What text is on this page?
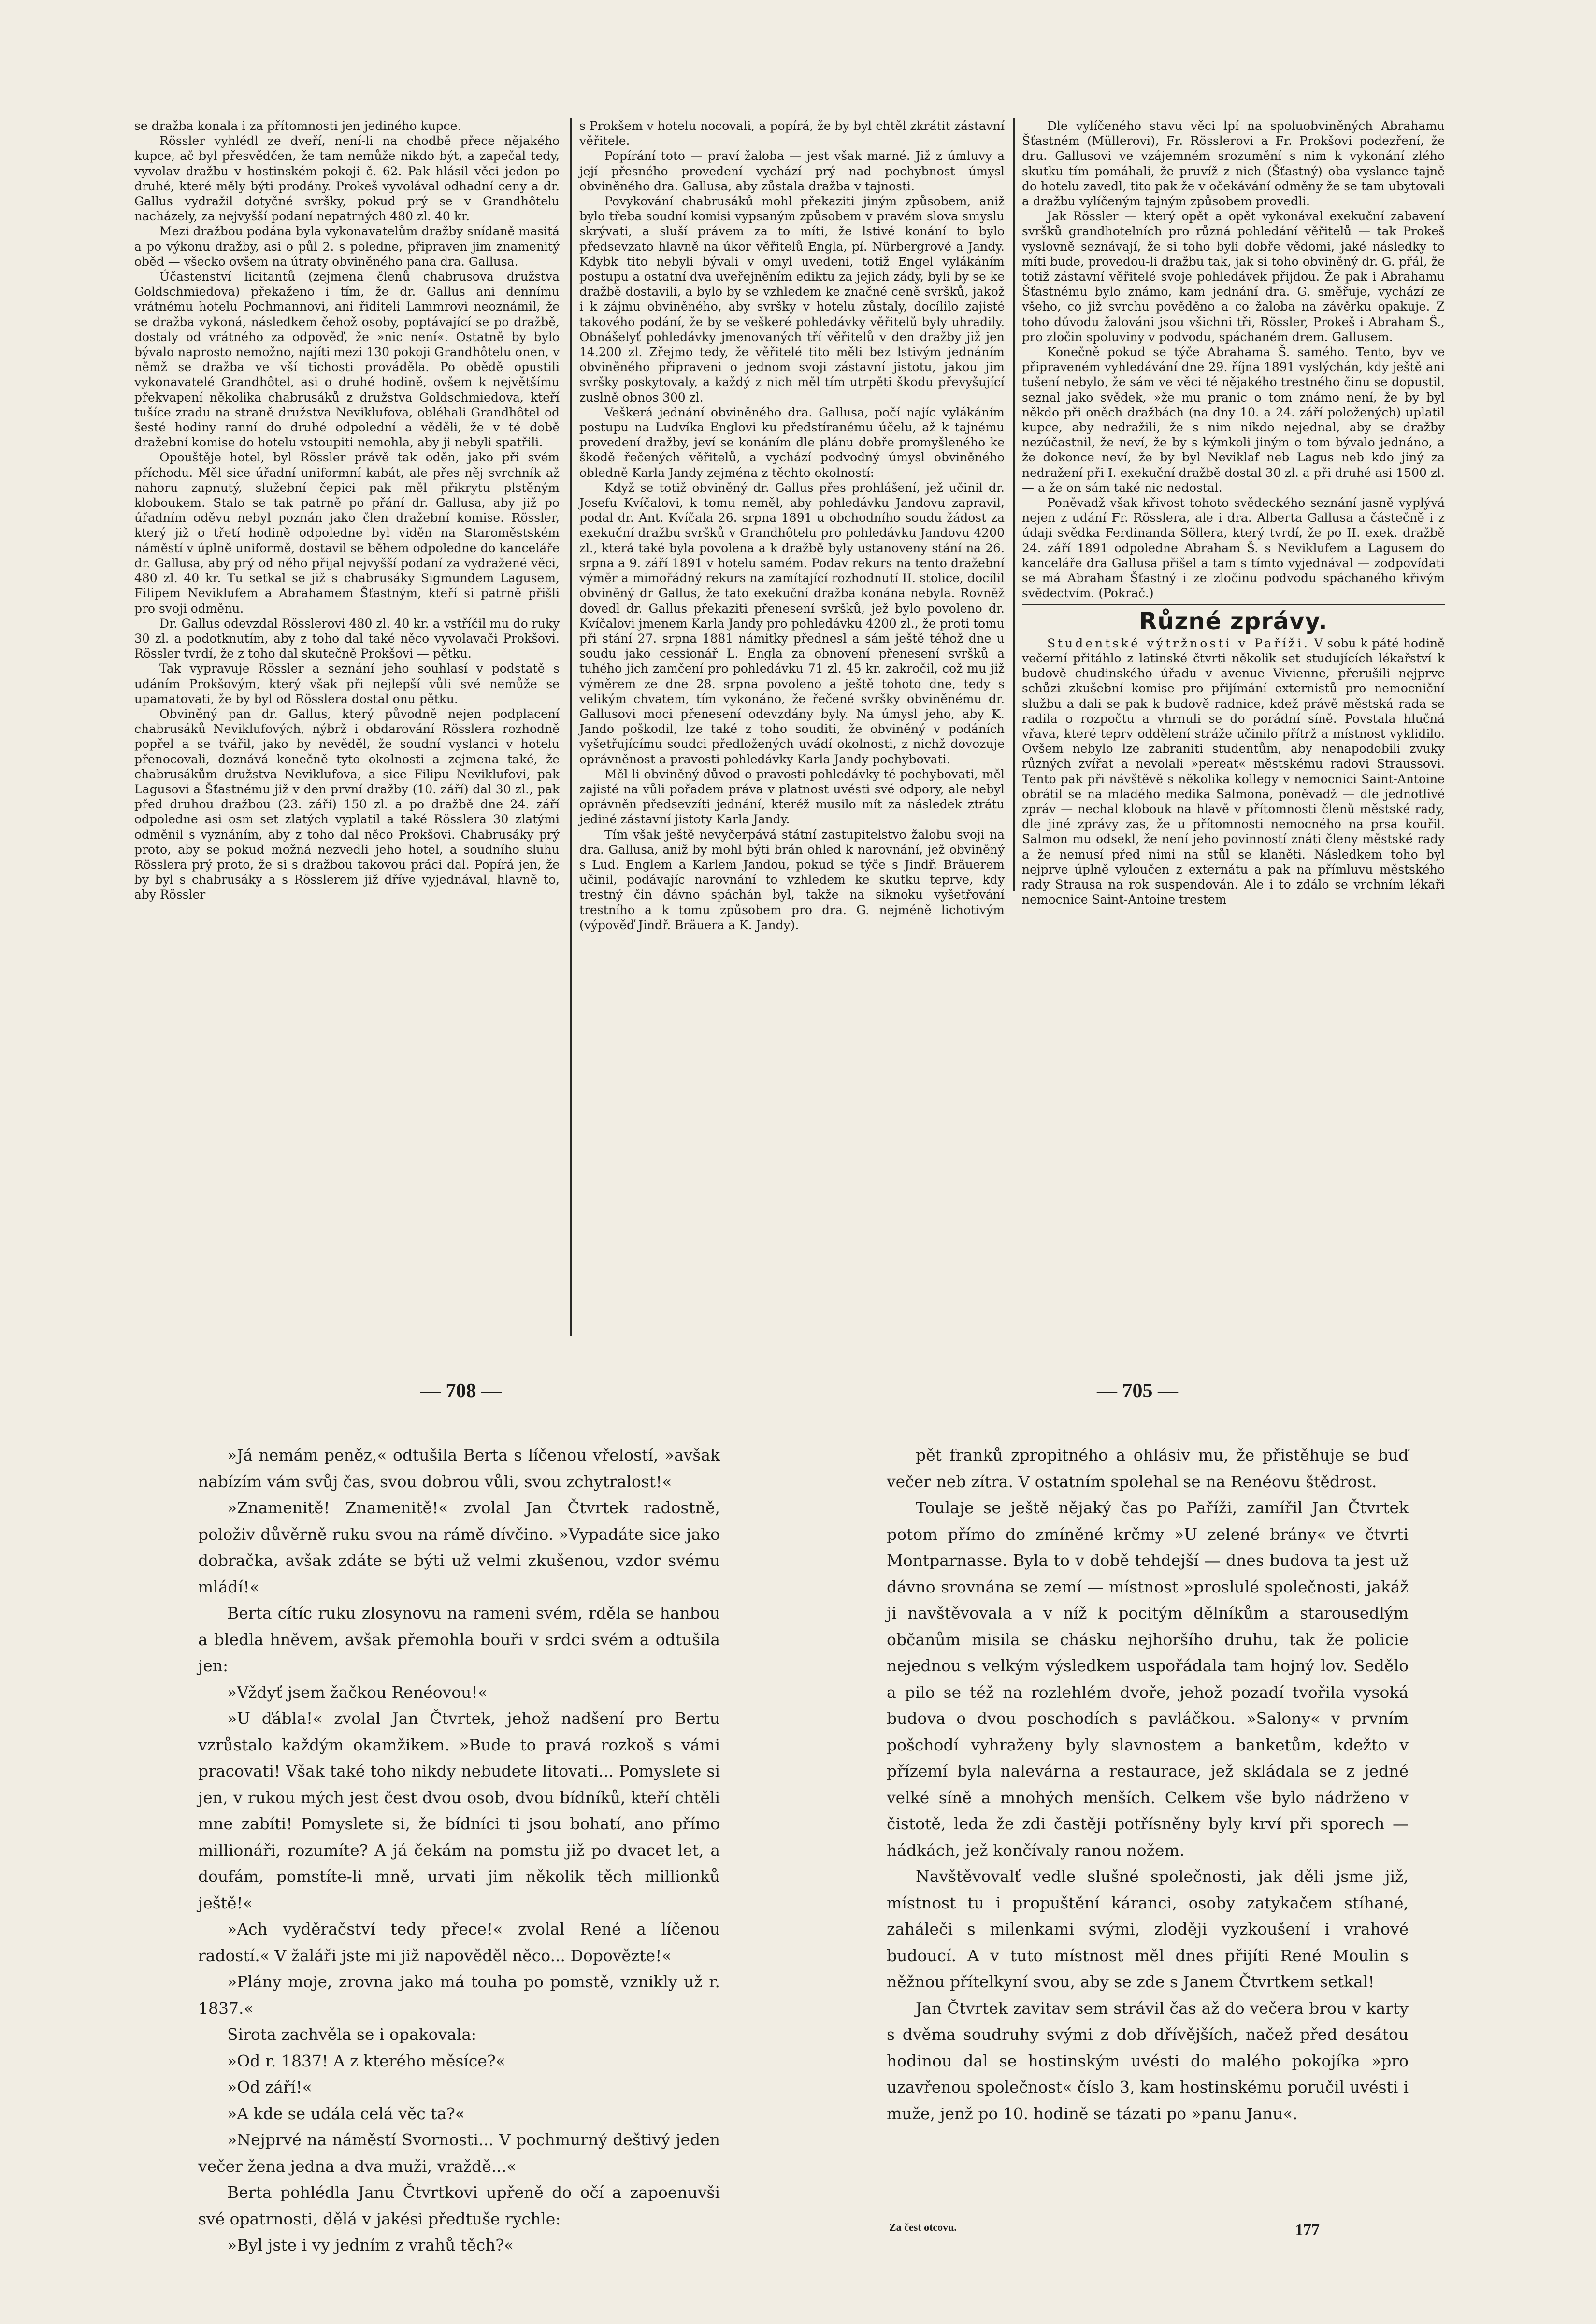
se dražba konala i za přítomnosti jen jediného kupce.

Rössler vyhlédl ze dveří, není-li na chodbě přece nějakého kupce, ač byl přesvědčen, že tam nemůže nikdo být, a zapečal tedy, vyvolav dražbu v hostinském pokoji č. 62. Pak hlásil věci jedon po druhé, které měly býti prodány. Prokeš vyvolával odhadní ceny a dr. Gallus vydražil dotyčné svršky, pokud prý se v Grandhôtelu nacházely, za nejvyšší podaní nepatrných 480 zl. 40 kr.

Mezi dražbou podána byla vykonavatelům dražby snídaně masitá a po výkonu dražby, asi o půl 2. s poledne, připraven jim znamenitý oběd — všecko ovšem na útraty obviněného pana dra. Gallusa.

Účastenství licitantů (zejmena členů chabrusova družstva Goldschmiedova) překaženo i tím, že dr. Gallus ani dennímu vrátnému hotelu Pochmannovi, ani řiditeli Lammrovi neoznámil, že se dražba vykoná, následkem čehož osoby, poptávající se po dražbě, dostaly od vrátného za odpověď, že »nic není«. Ostatně by bylo bývalo naprosto nemožno, najíti mezi 130 pokoji Grandhôtelu onen, v němž se dražba ve vší tichosti prováděla. Po obědě opustili vykonavatelé Grandhôtel, asi o druhé hodině, ovšem k největšímu překvapení několika chabrusáků z družstva Goldschmiedova, kteří tušíce zradu na straně družstva Neviklufova, obléhali Grandhôtel od šesté hodiny ranní do druhé odpolední a věděli, že v té době dražební komise do hotelu vstoupiti nemohla, aby ji nebyli spatřili.

Opouštěje hotel, byl Rössler právě tak oděn, jako při svém příchodu. Měl sice úřadní uniformní kabát, ale přes něj svrchník až nahoru zapnutý, služební čepici pak měl přikrytu plstěným kloboukem. Stalo se tak patrně po přání dr. Gallusa, aby již po úřadním oděvu nebyl poznán jako člen dražební komise. Rössler, který již o třetí hodině odpoledne byl viděn na Staroměstském náměstí v úplně uniformě, dostavil se během odpoledne do kanceláře dr. Gallusa, aby prý od něho přijal nejvyšší podaní za vydražené věci, 480 zl. 40 kr. Tu setkal se již s chabrusáky Sigmundem Lagusem, Filipem Neviklufem a Abrahamem Šťastným, kteří si patrně přišli pro svoji odměnu.

Dr. Gallus odevzdal Rösslerovi 480 zl. 40 kr. a vstříčil mu do ruky 30 zl. a podotknutím, aby z toho dal také něco vyvolavači Prokšovi. Rössler tvrdí, že z toho dal skutečně Prokšovi — pětku.

Tak vypravuje Rössler a seznání jeho souhlasí v podstatě s udáním Prokšovým, který však při nejlepší vůli své nemůže se upamatovati, že by byl od Rösslera dostal onu pětku.

Obviněný pan dr. Gallus, který původně nejen podplacení chabrusáků Neviklufových, nýbrž i obdarování Rösslera rozhodně popřel a se tvářil, jako by nevěděl, že soudní vyslanci v hotelu přenocovali, doznává konečně tyto okolnosti a zejmena také, že chabrusákům družstva Neviklufova, a sice Filipu Neviklufovi, pak Lagusovi a Šťastnému již v den první dražby (10. září) dal 30 zl., pak před druhou dražbou (23. září) 150 zl. a po dražbě dne 24. září odpoledne asi osm set zlatých vyplatil a také Rösslera 30 zlatými odměnil s vyznáním, aby z toho dal něco Prokšovi. Chabrusáky prý proto, aby se pokud možná nezvedli jeho hotel, a soudního sluhu Rösslera prý proto, že si s dražbou takovou práci dal. Popírá jen, že by byl s chabrusáky a s Rösslerem již dříve vyjednával, hlavně to, aby Rössler

s Prokšem v hotelu nocovali, a popírá, že by byl chtěl zkrátit zástavní věřitele.

Popírání toto — praví žaloba — jest však marné. Již z úmluvy a její přesného provedení vychází prý nad pochybnost úmysl obviněného dra. Gallusa, aby zůstala dražba v tajnosti.

Povykování chabrusáků mohl překaziti jiným způsobem, aniž bylo třeba soudní komisi vypsaným způsobem v pravém slova smyslu skrývati, a sluší právem za to míti, že lstivé konání to bylo předsevzato hlavně na úkor věřitelů Engla, pí. Nürbergrové a Jandy. Kdybk tito nebyli bývali v omyl uvedeni, totiž Engel vylákáním postupu a ostatní dva uveřejněním ediktu za jejich zády, byli by se ke dražbě dostavili, a bylo by se vzhledem ke značné ceně svršků, jakož i k zájmu obviněného, aby svršky v hotelu zůstaly, docílilo zajisté takového podání, že by se veškeré pohledávky věřitelů byly uhradily. Obnášelyť pohledávky jmenovaných tří věřitelů v den dražby již jen 14.200 zl. Zřejmo tedy, že věřitelé tito měli bez lstivým jednáním obviněného připraveni o jednom svoji zástavní jistotu, jakou jim svršky poskytovaly, a každý z nich měl tím utrpěti škodu převyšující zuslně obnos 300 zl.

Veškerá jednání obviněného dra. Gallusa, počí najíc vylákáním postupu na Ludvíka Englovi ku předstíranému účelu, až k tajnému provedení dražby, jeví se konáním dle plánu dobře promyšleného ke škodě řečených věřitelů, a vychází podvodný úmysl obviněného obledně Karla Jandy zejména z těchto okolností:

Když se totiž obviněný dr. Gallus přes prohlášení, jež učinil dr. Josefu Kvíčalovi, k tomu neměl, aby pohledávku Jandovu zapravil, podal dr. Ant. Kvíčala 26. srpna 1891 u obchodního soudu žádost za exekuční dražbu svršků v Grandhôtelu pro pohledávku Jandovu 4200 zl., která také byla povolena a k dražbě byly ustanoveny stání na 26. srpna a 9. září 1891 v hotelu samém. Podav rekurs na tento dražební výměr a mimořádný rekurs na zamítající rozhodnutí II. stolice, docílil obviněný dr Gallus, že tato exekuční dražba konána nebyla. Rovněž dovedl dr. Gallus překaziti přenesení svršků, jež bylo povoleno dr. Kvíčalovi jmenem Karla Jandy pro pohledávku 4200 zl., že proti tomu při stání 27. srpna 1881 námitky přednesl a sám ještě téhož dne u soudu jako cessionář L. Engla za obnovení přenesení svršků a tuhého jich zamčení pro pohledávku 71 zl. 45 kr. zakročil, což mu již výměrem ze dne 28. srpna povoleno a ještě tohoto dne, tedy s velikým chvatem, tím vykonáno, že řečené svršky obviněnému dr. Gallusovi moci přenesení odevzdány byly. Na úmysl jeho, aby K. Jando poškodil, lze také z toho souditi, že obviněný v podáních vyšetřujícímu soudci předložených uvádí okolnosti, z nichž dovozuje oprávněnost a pravosti pohledávky Karla Jandy pochybovati.

Měl-li obviněný důvod o pravosti pohledávky té pochybovati, měl zajisté na vůli pořadem práva v platnost uvésti své odpory, ale nebyl oprávněn předsevzíti jednání, kteréž musilo mít za následek ztrátu jediné zástavní jistoty Karla Jandy.

Tím však ještě nevyčerpává státní zastupitelstvo žalobu svoji na dra. Gallusa, aniž by mohl býti brán ohled k narovnání, jež obviněný s Lud. Englem a Karlem Jandou, pokud se týče s Jindř. Bräuerem učinil, podávajíc narovnání to vzhledem ke skutku teprve, kdy trestný čin dávno spáchán byl, takže na siknoku vyšetřování trestního a k tomu způsobem pro dra. G. nejméně lichotivým (výpověď Jindř. Bräuera a K. Jandy).

Dle vylíčeného stavu věci lpí na spoluobviněných Abrahamu Šťastném (Müllerovi), Fr. Rösslerovi a Fr. Prokšovi podezření, že dru. Gallusovi ve vzájemném srozumění s nim k vykonání zlého skutku tím pomáhali, že pruvíž z nich (Šťastný) oba vyslance tajně do hotelu zavedl, tito pak že v očekávání odměny že se tam ubytovali a dražbu vylíčeným tajným způsobem provedli.

Jak Rössler — který opět a opět vykonával exekuční zabavení svršků grandhotelních pro různá pohledání věřitelů — tak Prokeš vyslovně seznávají, že si toho byli dobře vědomi, jaké následky to míti bude, provedou-li dražbu tak, jak si toho obviněný dr. G. přál, že totiž zástavní věřitelé svoje pohledávek přijdou. Že pak i Abrahamu Šťastnému bylo známo, kam jednání dra. G. směřuje, vychází ze všeho, co již svrchu pověděno a co žaloba na závěrku opakuje. Z toho důvodu žalováni jsou všichni tři, Rössler, Prokeš i Abraham Š., pro zločin spoluviny v podvodu, spáchaném drem. Gallusem.

Konečně pokud se týče Abrahama Š. samého. Tento, byv ve připraveném vyhledávání dne 29. října 1891 vyslýchán, kdy ještě ani tušení nebylo, že sám ve věci té nějakého trestného činu se dopustil, seznal jako svědek, »že mu pranic o tom známo není, že by byl někdo při oněch dražbách (na dny 10. a 24. září položených) uplatil kupce, aby nedražili, že s nim nikdo nejednal, aby se dražby nezúčastnil, že neví, že by s kýmkoli jiným o tom bývalo jednáno, a že dokonce neví, že by byl Neviklaf neb Lagus neb kdo jiný za nedražení při I. exekuční dražbě dostal 30 zl. a při druhé asi 1500 zl. — a že on sám také nic nedostal.

Poněvadž však křivost tohoto svědeckého seznání jasně vyplývá nejen z udání Fr. Rösslera, ale i dra. Alberta Gallusa a částečně i z údaji svědka Ferdinanda Söllera, který tvrdí, že po II. exek. dražbě 24. září 1891 odpoledne Abraham Š. s Neviklufem a Lagusem do kanceláře dra Gallusa přišel a tam s tímto vyjednával — zodpovídati se má Abraham Šťastný i ze zločinu podvodu spáchaného křivým svědectvím. (Pokrač.)

Různé zprávy.

Studentské výtržnosti v Paříži. V sobu k páté hodině večerní přitáhlo z latinské čtvrti několik set studujících lékařství k budově chudinského úřadu v avenue Vivienne, přerušili nejprve schůzi zkušební komise pro přijímání externistů pro nemocniční službu a dali se pak k budově radnice, kdež právě městská rada se radila o rozpočtu a vhrnuli se do porádní síně. Povstala hlučná vřava, které teprv oddělení stráže učinilo přítrž a místnost vyklidilo. Ovšem nebylo lze zabraniti studentům, aby nenapodobili zvuky různých zvířat a nevolali »pereat« městskému radovi Straussovi. Tento pak při návštěvě s několika kollegy v nemocnici Saint-Antoine obrátil se na mladého medika Salmona, poněvadž — dle jednotlivé zpráv — nechal klobouk na hlavě v přítomnosti členů městské rady, dle jiné zprávy zas, že u přítomnosti nemocného na prsa kouřil. Salmon mu odsekl, že není jeho povinností znáti členy městské rady a že nemusí před nimi na stůl se klaněti. Následkem toho byl nejprve úplně vyloučen z externátu a pak na přímluvu městského rady Strausa na rok suspendován. Ale i to zdálo se vrchním lékaři nemocnice Saint-Antoine trestem

— 708 —	— 705 —

»Já nemám peněz,« odtušila Berta s líčenou vřelostí, »avšak nabízím vám svůj čas, svou dobrou vůli, svou zchytralost!«

»Znamenitě! Znamenitě!« zvolal Jan Čtvrtek radostně, položiv důvěrně ruku svou na rámě dívčino. »Vypadáte sice jako dobračka, avšak zdáte se býti už velmi zkušenou, vzdor svému mládí!«

Berta cítíc ruku zlosynovu na rameni svém, rděla se hanbou a bledla hněvem, avšak přemohla bouři v srdci svém a odtušila jen:

»Vždyť jsem žačkou Renéovou!«

»U ďábla!« zvolal Jan Čtvrtek, jehož nadšení pro Bertu vzrůstalo každým okamžikem. »Bude to pravá rozkoš s vámi pracovati! Však také toho nikdy nebudete litovati... Pomyslete si jen, v rukou mých jest čest dvou osob, dvou bídníků, kteří chtěli mne zabíti! Pomyslete si, že bídníci ti jsou bohatí, ano přímo millionáři, rozumíte? A já čekám na pomstu již po dvacet let, a doufám, pomstíte-li mně, urvati jim několik těch millionků ještě!«

»Ach vyděračství tedy přece!« zvolal René a líčenou radostí.« V žaláři jste mi již napověděl něco... Dopovězte!«

»Plány moje, zrovna jako má touha po pomstě, vznikly už r. 1837.«

Sirota zachvěla se i opakovala:

»Od r. 1837! A z kterého měsíce?«

»Od září!«

»A kde se udála celá věc ta?«

»Nejprvé na náměstí Svornosti... V pochmurný deštivý jeden večer žena jedna a dva muži, vraždě...«

Berta pohlédla Janu Čtvrtkovi upřeně do očí a zapoenuvši své opatrnosti, dělá v jakési předtuše rychle:

»Byl jste i vy jedním z vrahů těch?«

pět franků zpropitného a ohlásiv mu, že přistěhuje se buď večer neb zítra. V ostatním spolehal se na Renéovu štědrost.

Toulaje se ještě nějaký čas po Paříži, zamířil Jan Čtvrtek potom přímo do zmíněné krčmy »U zelené brány« ve čtvrti Montparnasse. Byla to v době tehdejší — dnes budova ta jest už dávno srovnána se zemí — místnost »proslulé společnosti, jakáž ji navštěvovala a v níž k pocitým dělníkům a starousedlým občanům misila se chásku nejhoršího druhu, tak že policie nejednou s velkým výsledkem uspořádala tam hojný lov. Sedělo a pilo se též na rozlehlém dvoře, jehož pozadí tvořila vysoká budova o dvou poschodích s pavláčkou. »Salony« v prvním pošchodí vyhraženy byly slavnostem a banketům, kdežto v přízemí byla nalevárna a restaurace, jež skládala se z jedné velké síně a mnohých menších. Celkem vše bylo nádrženo v čistotě, leda že zdi častěji potřísněny byly krví při sporech — hádkách, jež končívaly ranou nožem.

Navštěvovalť vedle slušné společnosti, jak děli jsme již, místnost tu i propuštění káranci, osoby zatykačem stíhané, zaháleči s milenkami svými, zloději vyzkoušení i vrahové budoucí. A v tuto místnost měl dnes přijíti René Moulin s něžnou přítelkyní svou, aby se zde s Janem Čtvrtkem setkal!

Jan Čtvrtek zavitav sem strávil čas až do večera brou v karty s dvěma soudruhy svými z dob dřívějších, načež před desátou hodinou dal se hostinským uvésti do malého pokojíka »pro uzavřenou společnost« číslo 3, kam hostinskému poručil uvésti i muže, jenž po 10. hodině se tázati po »panu Janu«.

Za čest otcovu.	177
